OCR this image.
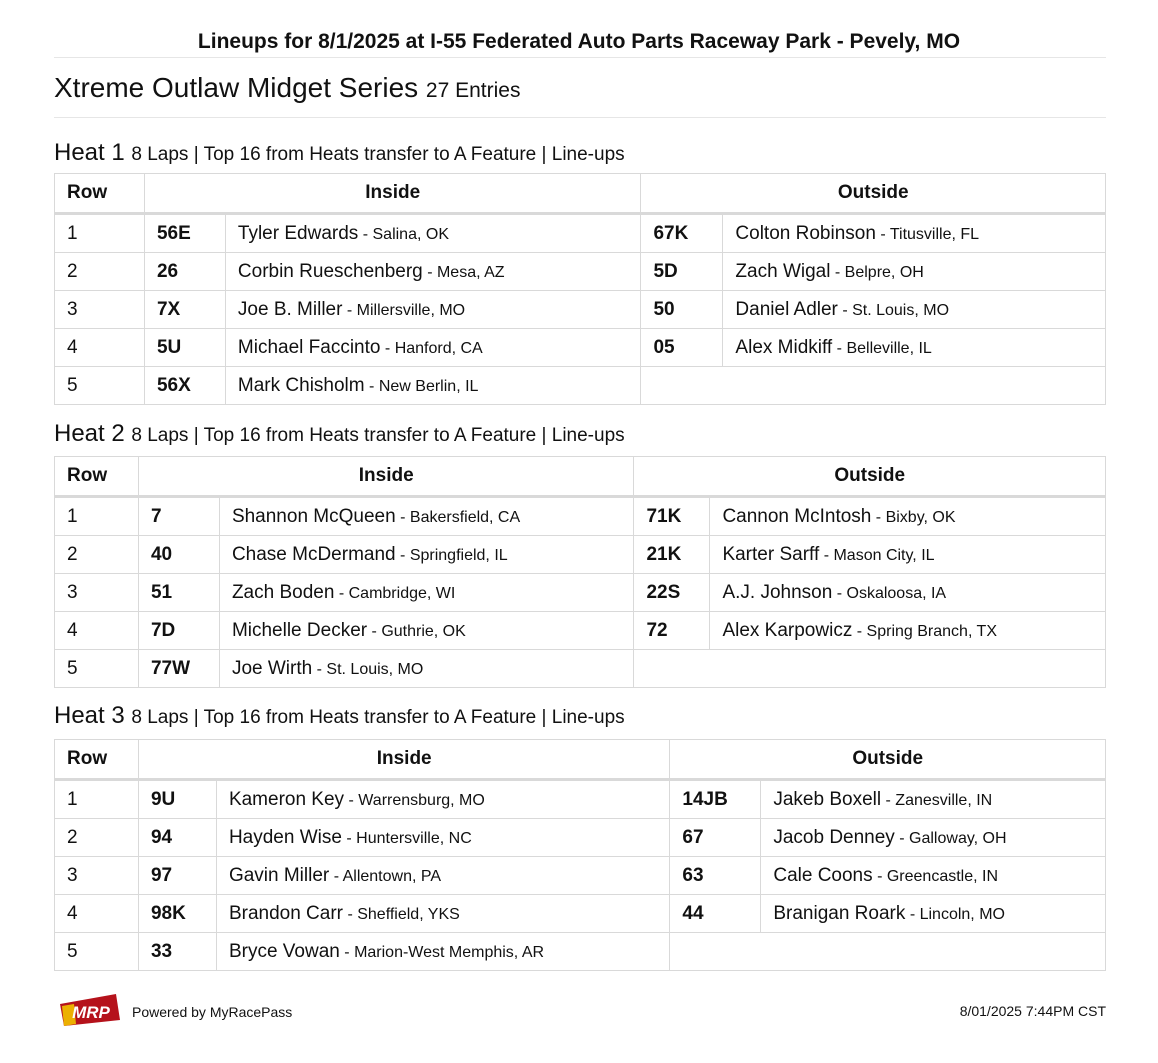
Lineups for 8/1/2025 at I-55 Federated Auto Parts Raceway Park - Pevely, MO
Xtreme Outlaw Midget Series 27 Entries
Heat 1 8 Laps | Top 16 from Heats transfer to A Feature | Line-ups
Row	Inside		Outside	
1	56E	Tyler Edwards - Salina, OK	67K	Colton Robinson - Titusville, FL
2	26	Corbin Rueschenberg - Mesa, AZ	5D	Zach Wigal - Belpre, OH
3	7X	Joe B. Miller - Millersville, MO	50	Daniel Adler - St. Louis, MO
4	5U	Michael Faccinto - Hanford, CA	05	Alex Midkiff - Belleville, IL
5	56X	Mark Chisholm - New Berlin, IL		
Heat 2 8 Laps | Top 16 from Heats transfer to A Feature | Line-ups
Row	Inside		Outside	
1	7	Shannon McQueen - Bakersfield, CA	71K	Cannon McIntosh - Bixby, OK
2	40	Chase McDermand - Springfield, IL	21K	Karter Sarff - Mason City, IL
3	51	Zach Boden - Cambridge, WI	22S	A.J. Johnson - Oskaloosa, IA
4	7D	Michelle Decker - Guthrie, OK	72	Alex Karpowicz - Spring Branch, TX
5	77W	Joe Wirth - St. Louis, MO		
Heat 3 8 Laps | Top 16 from Heats transfer to A Feature | Line-ups
Row	Inside		Outside	
1	9U	Kameron Key - Warrensburg, MO	14JB	Jakeb Boxell - Zanesville, IN
2	94	Hayden Wise - Huntersville, NC	67	Jacob Denney - Galloway, OH
3	97	Gavin Miller - Allentown, PA	63	Cale Coons - Greencastle, IN
4	98K	Brandon Carr - Sheffield, YKS	44	Branigan Roark - Lincoln, MO
5	33	Bryce Vowan - Marion-West Memphis, AR		
MRP Powered by MyRacePass	8/01/2025 7:44PM CST
